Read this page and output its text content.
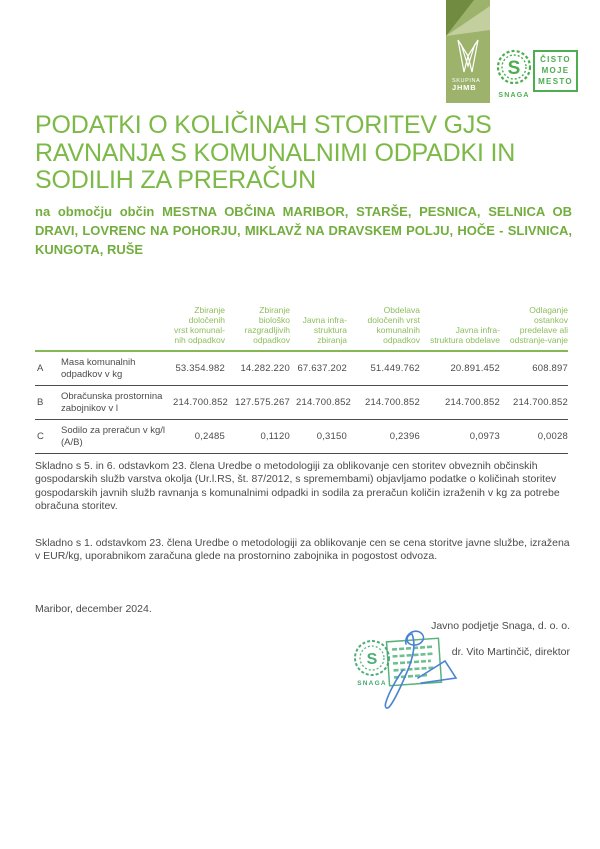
SKUPINA
JHMB
S
SNAGA
ČISTO
MOJE
MESTO
PODATKI O KOLIČINAH STORITEV GJS
RAVNANJA S KOMUNALNIMI ODPADKI IN
SODILIH ZA PRERAČUN
na območju občin MESTNA OBČINA MARIBOR, STARŠE, PESNICA, SELNICA OB DRAVI, LOVRENC NA POHORJU, MIKLAVŽ NA DRAVSKEM POLJU, HOČE - SLIVNICA, KUNGOTA, RUŠE
		Zbiranje določenih vrst komunal-nih odpadkov	Zbiranje biološko razgradljivih odpadkov	Javna infra-struktura zbiranja	Obdelava določenih vrst komunalnih odpadkov	Javna infra-struktura obdelave	Odlaganje ostankov predelave ali odstranje-vanje
A	Masa komunalnih odpadkov v kg	53.354.982	14.282.220	67.637.202	51.449.762	20.891.452	608.897
B	Obračunska prostornina zabojnikov v l	214.700.852	127.575.267	214.700.852	214.700.852	214.700.852	214.700.852
C	Sodilo za preračun v kg/l (A/B)	0,2485	0,1120	0,3150	0,2396	0,0973	0,0028
Skladno s 5. in 6. odstavkom 23. člena Uredbe o metodologiji za oblikovanje cen storitev obveznih občinskih gospodarskih služb varstva okolja (Ur.l.RS, št. 87/2012, s spremembami) objavljamo podatke o količinah storitev gospodarskih javnih služb ravnanja s komunalnimi odpadki in sodila za preračun količin izraženih v kg za potrebe obračuna storitev.
Skladno s 1. odstavkom 23. člena Uredbe o metodologiji za oblikovanje cen se cena storitve javne službe, izražena v EUR/kg, uporabnikom zaračuna glede na prostornino zabojnika in pogostost odvoza.
Maribor, december 2024.
Javno podjetje Snaga, d. o. o.
dr. Vito Martinčič, direktor
S
SNAGA
